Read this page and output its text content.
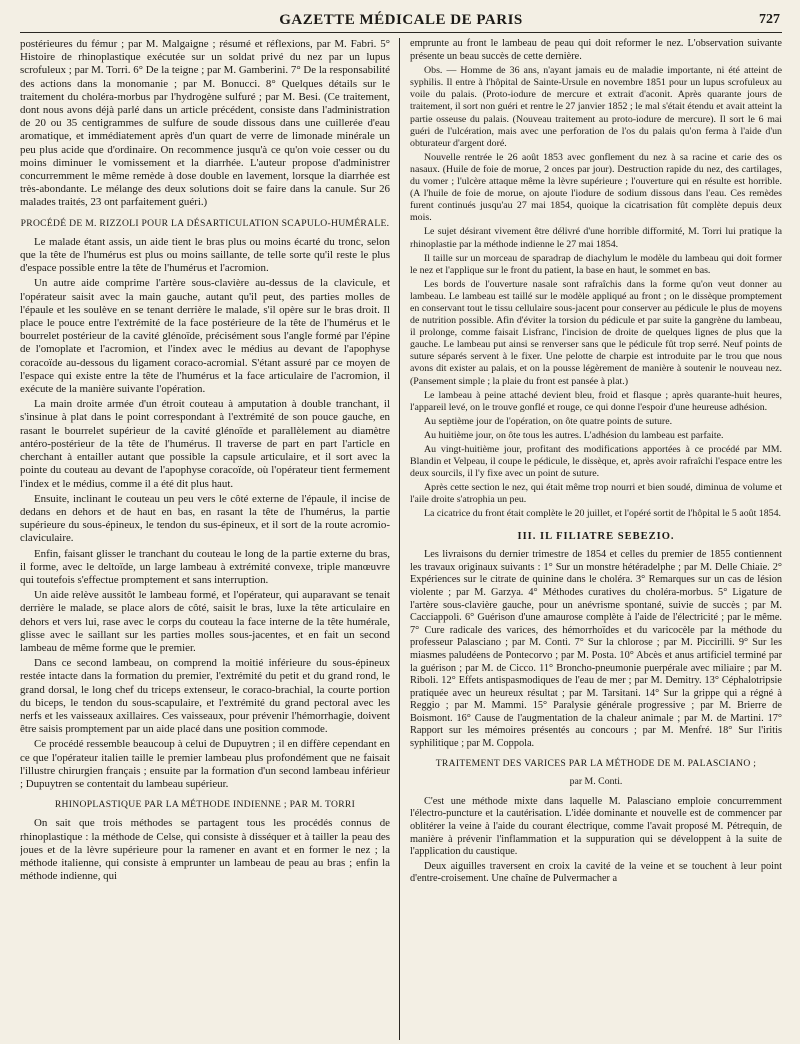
GAZETTE MÉDICALE DE PARIS	727

postérieures du fémur ; par M. Malgaigne ; résumé et réflexions, par M. Fabri. 5° Histoire de rhinoplastique exécutée sur un soldat privé du nez par un lupus scrofuleux ; par M. Torri. 6° De la teigne ; par M. Gamberini. 7° De la responsabilité des actions dans la monomanie ; par M. Bonucci. 8° Quelques détails sur le traitement du choléra-morbus par l'hydrogène sulfuré ; par M. Besi. (Ce traitement, dont nous avons déjà parlé dans un article précédent, consiste dans l'administration de 20 ou 35 centigrammes de sulfure de soude dissous dans une cuillerée d'eau aromatique, et immédiatement après d'un quart de verre de limonade minérale un peu plus acide que d'ordinaire. On recommence jusqu'à ce qu'on voie cesser ou du moins diminuer le vomissement et la diarrhée. L'auteur propose d'administrer concurremment le même remède à dose double en lavement, lorsque la diarrhée est très-abondante. Le mélange des deux solutions doit se faire dans la canule. Sur 26 malades traités, 23 ont parfaitement guéri.)

PROCÉDÉ DE M. RIZZOLI POUR LA DÉSARTICULATION SCAPULO-HUMÉRALE.

Le malade étant assis, un aide tient le bras plus ou moins écarté du tronc, selon que la tête de l'humérus est plus ou moins saillante, de telle sorte qu'il reste le plus d'espace possible entre la tête de l'humérus et l'acromion.

Un autre aide comprime l'artère sous-clavière au-dessus de la clavicule, et l'opérateur saisit avec la main gauche, autant qu'il peut, des parties molles de l'épaule et les soulève en se tenant derrière le malade, s'il opère sur le bras droit. Il place le pouce entre l'extrémité de la face postérieure de la tête de l'humérus et le bourrelet postérieur de la cavité glénoïde, précisément sous l'angle formé par l'épine de l'omoplate et l'acromion, et l'index avec le médius au devant de l'apophyse coracoïde au-dessous du ligament coraco-acromial. S'étant assuré par ce moyen de l'espace qui existe entre la tête de l'humérus et la face articulaire de l'acromion, il exécute de la manière suivante l'opération.

La main droite armée d'un étroit couteau à amputation à double tranchant, il s'insinue à plat dans le point correspondant à l'extrémité de son pouce gauche, en rasant le bourrelet supérieur de la cavité glénoïde et parallèlement au diamètre antéro-postérieur de la tête de l'humérus. Il traverse de part en part l'article en cherchant à entailler autant que possible la capsule articulaire, et il sort avec la pointe du couteau au devant de l'apophyse coracoïde, où l'opérateur tient fermement l'index et le médius, comme il a été dit plus haut.

Ensuite, inclinant le couteau un peu vers le côté externe de l'épaule, il incise de dedans en dehors et de haut en bas, en rasant la tête de l'humérus, la partie supérieure du sous-épineux, le tendon du sus-épineux, et il sort de la route acromio-claviculaire.

Enfin, faisant glisser le tranchant du couteau le long de la partie externe du bras, il forme, avec le deltoïde, un large lambeau à extrémité convexe, triple manœuvre qui toutefois s'effectue promptement et sans interruption.

Un aide relève aussitôt le lambeau formé, et l'opérateur, qui auparavant se tenait derrière le malade, se place alors de côté, saisit le bras, luxe la tête articulaire en dehors et vers lui, rase avec le corps du couteau la face interne de la tête humérale, glisse avec le saillant sur les parties molles sous-jacentes, et en fait un second lambeau de même forme que le premier.

Dans ce second lambeau, on comprend la moitié inférieure du sous-épineux restée intacte dans la formation du premier, l'extrémité du petit et du grand rond, le grand dorsal, le long chef du triceps extenseur, le coraco-brachial, la courte portion du biceps, le tendon du sous-scapulaire, et l'extrémité du grand pectoral avec les nerfs et les vaisseaux axillaires. Ces vaisseaux, pour prévenir l'hémorrhagie, doivent être saisis promptement par un aide placé dans une position commode.

Ce procédé ressemble beaucoup à celui de Dupuytren ; il en diffère cependant en ce que l'opérateur italien taille le premier lambeau plus profondément que ne faisait l'illustre chirurgien français ; ensuite par la formation d'un second lambeau inférieur ; Dupuytren se contentait du lambeau supérieur.

RHINOPLASTIQUE PAR LA MÉTHODE INDIENNE ; PAR M. TORRI

On sait que trois méthodes se partagent tous les procédés connus de rhinoplastique : la méthode de Celse, qui consiste à disséquer et à tailler la peau des joues et de la lèvre supérieure pour la ramener en avant et en former le nez ; la méthode italienne, qui consiste à emprunter un lambeau de peau au bras ; enfin la méthode indienne, qui

emprunte au front le lambeau de peau qui doit reformer le nez. L'observation suivante présente un beau succès de cette dernière.

Obs. — Homme de 36 ans, n'ayant jamais eu de maladie importante, ni été atteint de syphilis. Il entre à l'hôpital de Sainte-Ursule en novembre 1851 pour un lupus scrofuleux au voile du palais. (Proto-iodure de mercure et extrait d'aconit. Après quarante jours de traitement, il sort non guéri et rentre le 27 janvier 1852 ; le mal s'était étendu et avait atteint la partie osseuse du palais. (Nouveau traitement au proto-iodure de mercure). Il sort le 6 mai guéri de l'ulcération, mais avec une perforation de l'os du palais qu'on ferma à l'aide d'un obturateur d'argent doré.

Nouvelle rentrée le 26 août 1853 avec gonflement du nez à sa racine et carie des os nasaux. (Huile de foie de morue, 2 onces par jour). Destruction rapide du nez, des cartilages, du vomer ; l'ulcère attaque même la lèvre supérieure ; l'ouverture qui en résulte est horrible. (A l'huile de foie de morue, on ajoute l'iodure de sodium dissous dans l'eau. Ces remèdes furent continués jusqu'au 27 mai 1854, quoique la cicatrisation fût complète depuis deux mois.

Le sujet désirant vivement être délivré d'une horrible difformité, M. Torri lui pratique la rhinoplastie par la méthode indienne le 27 mai 1854.

Il taille sur un morceau de sparadrap de diachylum le modèle du lambeau qui doit former le nez et l'applique sur le front du patient, la base en haut, le sommet en bas.

Les bords de l'ouverture nasale sont rafraîchis dans la forme qu'on veut donner au lambeau. Le lambeau est taillé sur le modèle appliqué au front ; on le dissèque promptement en conservant tout le tissu cellulaire sous-jacent pour conserver au pédicule le plus de moyens de nutrition possible. Afin d'éviter la torsion du pédicule et par suite la gangrène du lambeau, il prolonge, comme faisait Lisfranc, l'incision de droite de quelques lignes de plus que la gauche. Le lambeau put ainsi se renverser sans que le pédicule fût trop serré. Neuf points de suture séparés servent à le fixer. Une pelotte de charpie est introduite par le trou que nous avons dit exister au palais, et on la pousse légèrement de manière à soutenir le nouveau nez. (Pansement simple ; la plaie du front est pansée à plat.)

Le lambeau à peine attaché devient bleu, froid et flasque ; après quarante-huit heures, l'appareil levé, on le trouve gonflé et rouge, ce qui donne l'espoir d'une heureuse adhésion.

Au septième jour de l'opération, on ôte quatre points de suture.

Au huitième jour, on ôte tous les autres. L'adhésion du lambeau est parfaite.

Au vingt-huitième jour, profitant des modifications apportées à ce procédé par MM. Blandin et Velpeau, il coupe le pédicule, le dissèque, et, après avoir rafraîchi l'espace entre les deux sourcils, il l'y fixe avec un point de suture.

Après cette section le nez, qui était même trop nourri et bien soudé, diminua de volume et l'aile droite s'atrophia un peu.

La cicatrice du front était complète le 20 juillet, et l'opéré sortit de l'hôpital le 5 août 1854.

III. IL FILIATRE SEBEZIO.

Les livraisons du dernier trimestre de 1854 et celles du premier de 1855 contiennent les travaux originaux suivants : 1° Sur un monstre hétéradelphe ; par M. Delle Chiaie. 2° Expériences sur le citrate de quinine dans le choléra. 3° Remarques sur un cas de lésion violente ; par M. Garzya. 4° Méthodes curatives du choléra-morbus. 5° Ligature de l'artère sous-clavière gauche, pour un anévrisme spontané, suivie de succès ; par M. Cacciappoli. 6° Guérison d'une amaurose complète à l'aide de l'électricité ; par le même. 7° Cure radicale des varices, des hémorrhoïdes et du varicocèle par la méthode du professeur Palasciano ; par M. Conti. 7° Sur la chlorose ; par M. Piccirilli. 9° Sur les miasmes paludéens de Pontecorvo ; par M. Posta. 10° Abcès et anus artificiel terminé par la guérison ; par M. de Cicco. 11° Broncho-pneumonie puerpérale avec miliaire ; par M. Riboli. 12° Effets antispasmodiques de l'eau de mer ; par M. Demitry. 13° Céphalotripsie pratiquée avec un heureux résultat ; par M. Tarsitani. 14° Sur la grippe qui a régné à Reggio ; par M. Mammi. 15° Paralysie générale progressive ; par M. Brierre de Boismont. 16° Cause de l'augmentation de la chaleur animale ; par M. de Martini. 17° Rapport sur les mémoires présentés au concours ; par M. Menfré. 18° Sur l'iritis syphilitique ; par M. Coppola.

TRAITEMENT DES VARICES PAR LA MÉTHODE DE M. PALASCIANO ;
par M. Conti.

C'est une méthode mixte dans laquelle M. Palasciano emploie concurremment l'électro-puncture et la cautérisation. L'idée dominante et nouvelle est de commencer par oblitérer la veine à l'aide du courant électrique, comme l'avait proposé M. Pétrequin, de manière à prévenir l'inflammation et la suppuration qui se développent à la suite de l'application du caustique.

Deux aiguilles traversent en croix la cavité de la veine et se touchent à leur point d'entre-croisement. Une chaîne de Pulvermacher a
